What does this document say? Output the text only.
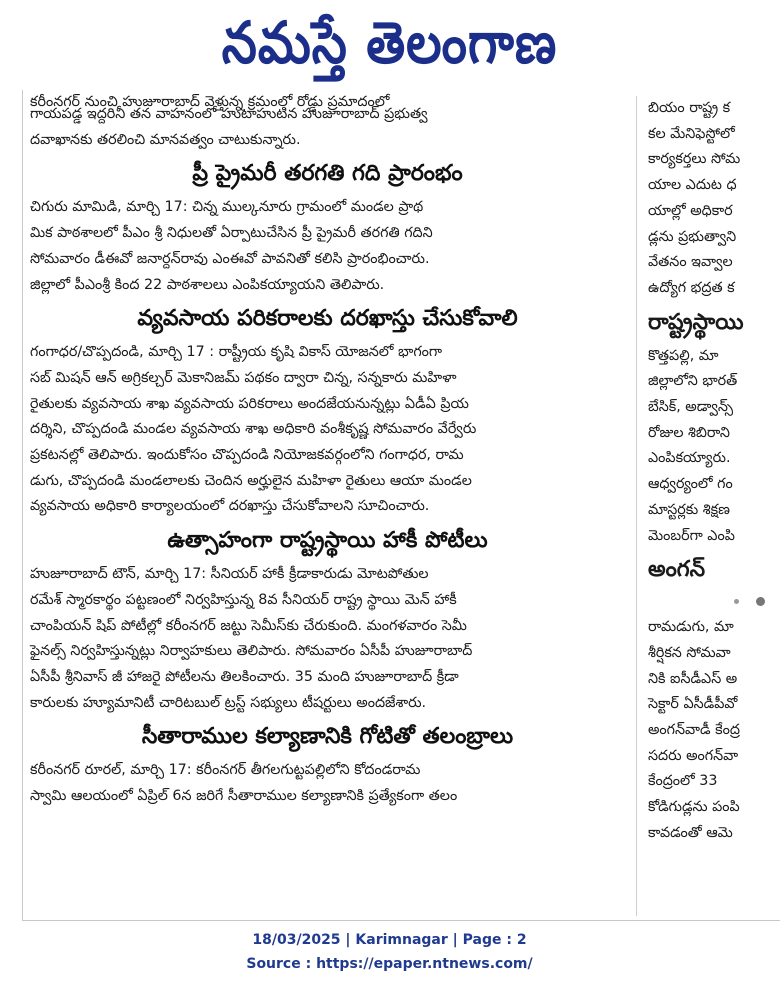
నమస్తే తెలంగాణ

కరీంనగర్ నుంచి హుజూరాబాద్ వెళ్తున్న క్రమంలో రోడ్డు ప్రమాదంలో

గాయపడ్డ ఇద్దరినీ తన వాహనంలో హుటాహుటిన హుజూరాబాద్ ప్రభుత్వ

దవాఖానకు తరలించి మానవత్వం చాటుకున్నారు.

ప్రీ ప్రైమరీ తరగతి గది ప్రారంభం

చిగురు మామిడి, మార్చి 17: చిన్న ముల్కనూరు గ్రామంలో మండల ప్రాథ

మిక పాఠశాలలో పీఎం శ్రీ నిధులతో ఏర్పాటుచేసిన ప్రీ ప్రైమరీ తరగతి గదిని

సోమవారం డీఈవో జనార్దన్‌రావు ఎంఈవో పావనితో కలిసి ప్రారంభించారు.

జిల్లాలో పీఎంశ్రీ కింద 22 పాఠశాలలు ఎంపికయ్యాయని తెలిపారు.

వ్యవసాయ పరికరాలకు దరఖాస్తు చేసుకోవాలి

గంగాధర/చొప్పదండి, మార్చి 17 : రాష్ట్రీయ కృషి వికాస్ యోజనలో భాగంగా

సబ్ మిషన్ ఆన్ అగ్రికల్చర్ మెకానిజమ్ పథకం ద్వారా చిన్న, సన్నకారు మహిళా

రైతులకు వ్యవసాయ శాఖ వ్యవసాయ పరికరాలు అందజేయనున్నట్లు ఏడీఏ ప్రియ

దర్శిని, చొప్పదండి మండల వ్యవసాయ శాఖ అధికారి వంశీకృష్ణ సోమవారం వేర్వేరు

ప్రకటనల్లో తెలిపారు. ఇందుకోసం చొప్పదండి నియోజకవర్గంలోని గంగాధర, రామ

డుగు, చొప్పదండి మండలాలకు చెందిన అర్హులైన మహిళా రైతులు ఆయా మండల

వ్యవసాయ అధికారి కార్యాలయంలో దరఖాస్తు చేసుకోవాలని సూచించారు.

ఉత్సాహంగా రాష్ట్రస్థాయి హాకీ పోటీలు

హుజూరాబాద్ టౌన్, మార్చి 17: సీనియర్ హాకీ క్రీడాకారుడు మోటపోతుల

రమేశ్ స్మారకార్థం పట్టణంలో నిర్వహిస్తున్న 8వ సీనియర్ రాష్ట్ర స్థాయి మెన్ హాకీ

చాంపియన్ షిప్ పోటీల్లో కరీంనగర్ జట్టు సెమీస్‌కు చేరుకుంది. మంగళవారం సెమీ

ఫైనల్స్ నిర్వహిస్తున్నట్లు నిర్వాహకులు తెలిపారు. సోమవారం ఏసీపీ హుజూరాబాద్

ఏసీపీ శ్రీనివాస్ జీ హాజరై పోటీలను తిలకించారు. 35 మంది హుజూరాబాద్ క్రీడా

కారులకు హ్యూమానిటీ చారిటబుల్ ట్రస్ట్ సభ్యులు టీషర్టులు అందజేశారు.

సీతారాముల కల్యాణానికి గోటితో తలంబ్రాలు

కరీంనగర్ రూరల్, మార్చి 17: కరీంనగర్ తీగలగుట్టపల్లిలోని కోదండరామ

స్వామి ఆలయంలో ఏప్రిల్ 6న జరిగే సీతారాముల కల్యాణానికి ప్రత్యేకంగా తలం

బియం రాష్ట్ర క
కల మేనిఫెస్టోలో
కార్యకర్తలు సోమ
యాల ఎదుట ధ
యాల్లో అధికార
డ్లను ప్రభుత్వాని
వేతనం ఇవ్వాల
ఉద్యోగ భద్రత క
రాష్ట్రస్థాయి
కొత్తపల్లి, మా
జిల్లాలోని భారత్
బేసిక్, అడ్వాన్స్
రోజుల శిబిరాని
ఎంపికయ్యారు.
ఆధ్వర్యంలో గం
మాస్టర్లకు శిక్షణ
మెంబర్‌గా ఎంపి
అంగన్
రామడుగు, మా
శీర్షికన సోమవా
నికి ఐసీడీఎస్ అ
సెక్టార్ ఏసీడీపీవో
అంగన్‌వాడీ కేంద్ర
సదరు అంగన్‌వా
కేంద్రంలో 33
కోడిగుడ్లను పంపి
కావడంతో ఆమె
18/03/2025 | Karimnagar | Page : 2
Source : https://epaper.ntnews.com/
